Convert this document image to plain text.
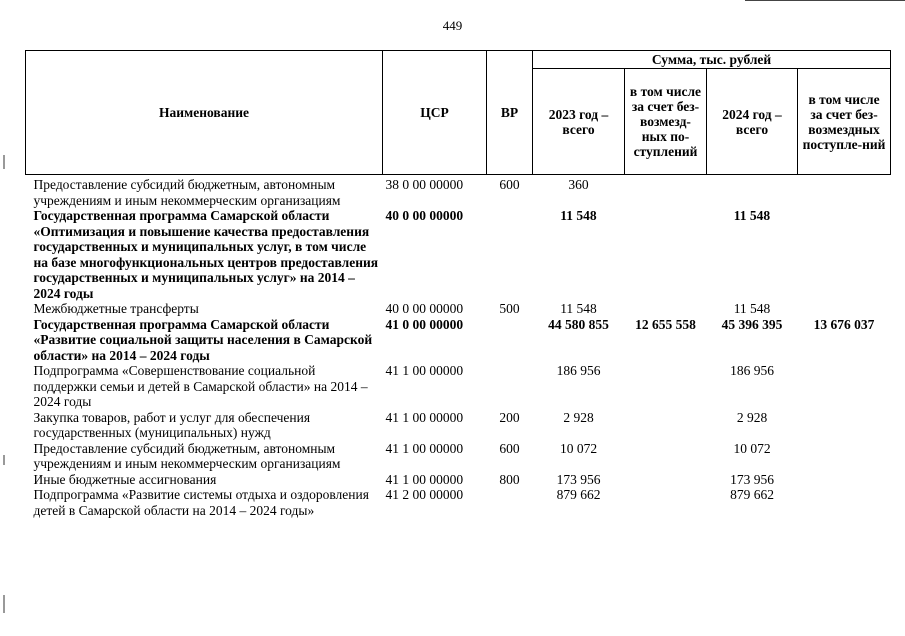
449
Наименование	ЦСР	ВР	Сумма, тыс. рублей			
			2023 год – всего	в том числе за счет без-возмезд-ных по-ступлений	2024 год – всего	в том числе за счет без-возмездных поступле-ний
Предоставление субсидий бюджетным, автономным учреждениям и иным некоммерческим организациям	38 0 00 00000	600	360			
Государственная программа Самарской области «Оптимизация и повышение качества предоставления государственных и муниципальных услуг, в том числе на базе многофункциональных центров предоставления государственных и муниципальных услуг» на 2014 – 2024 годы	40 0 00 00000		11 548		11 548	
Межбюджетные трансферты	40 0 00 00000	500	11 548		11 548	
Государственная программа Самарской области «Развитие социальной защиты населения в Самарской области» на 2014 – 2024 годы	41 0 00 00000		44 580 855	12 655 558	45 396 395	13 676 037
Подпрограмма «Совершенствование социальной поддержки семьи и детей в Самарской области» на 2014 – 2024 годы	41 1 00 00000		186 956		186 956	
Закупка товаров, работ и услуг для обеспечения государственных (муниципальных) нужд	41 1 00 00000	200	2 928		2 928	
Предоставление субсидий бюджетным, автономным учреждениям и иным некоммерческим организациям	41 1 00 00000	600	10 072		10 072	
Иные бюджетные ассигнования	41 1 00 00000	800	173 956		173 956	
Подпрограмма «Развитие системы отдыха и оздоровления детей в Самарской области на 2014 – 2024 годы»	41 2 00 00000		879 662		879 662	
